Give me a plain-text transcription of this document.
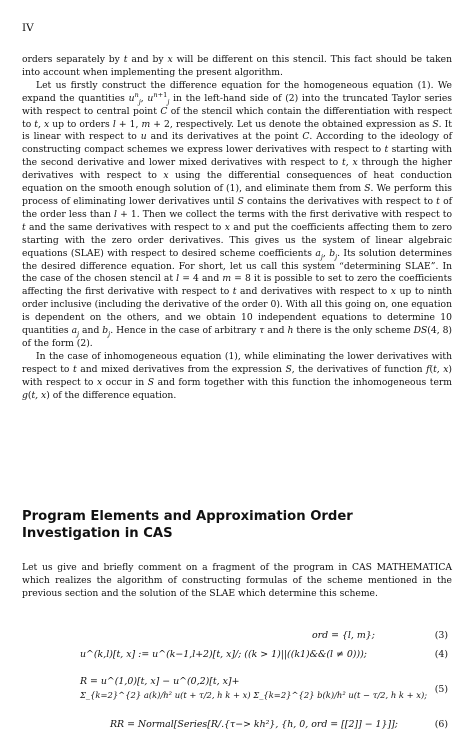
IV

orders separately by t and by x will be different on this stencil. This fact should be taken into account when implementing the present algorithm.

Let us firstly construct the difference equation for the homogeneous equation (1). We expand the quantities $u^n_j$, $u^{n+1}_j$ in the left-hand side of (2) into the truncated Taylor series with respect to central point C of the stencil which contain the differentiation with respect to t, x up to orders l + 1, m + 2, respectively. Let us denote the obtained expression as S. It is linear with respect to u and its derivatives at the point C. According to the ideology of constructing compact schemes we express lower derivatives with respect to t starting with the second derivative and lower mixed derivatives with respect to t, x through the higher derivatives with respect to x using the differential consequences of heat conduction equation on the smooth enough solution of (1), and eliminate them from S. We perform this process of eliminating lower derivatives until S contains the derivatives with respect to t of the order less than l + 1. Then we collect the terms with the first derivative with respect to t and the same derivatives with respect to x and put the coefficients affecting them to zero starting with the zero order derivatives. This gives us the system of linear algebraic equations (SLAE) with respect to desired scheme coefficients $a_j$, $b_j$. Its solution determines the desired difference equation. For short, let us call this system “determining SLAE”. In the case of the chosen stencil at l = 4 and m = 8 it is possible to set to zero the coefficients affecting the first derivative with respect to t and derivatives with respect to x up to ninth order inclusive (including the derivative of the order 0). With all this going on, one equation is dependent on the others, and we obtain 10 independent equations to determine 10 quantities $a_j$ and $b_j$. Hence in the case of arbitrary τ and h there is the only scheme DS(4, 8) of the form (2).

In the case of inhomogeneous equation (1), while eliminating the lower derivatives with respect to t and mixed derivatives from the expression S, the derivatives of function f(t, x) with respect to x occur in S and form together with this function the inhomogeneous term g(t, x) of the difference equation.

Program Elements and Approximation Order Investigation in CAS
Let us give and briefly comment on a fragment of the program in CAS MATHEMATICA which realizes the algorithm of constructing formulas of the scheme mentioned in the previous section and the solution of the SLAE which determine this scheme.
ord = {l, m};	(3)
u^(k,l)[t, x] := u^(k−1,l+2)[t, x]/; ((k > 1)||((k1)&&(l ≠ 0)));	(4)
R = u^(1,0)[t, x] − u^(0,2)[t, x]+
Σ_{k=2}^{2} a(k)/h² u(t + τ/2, h k + x) Σ_{k=2}^{2} b(k)/h² u(t − τ/2, h k + x); (5)
RR = Normal[Series[R/.{τ−> kh²}, {h, 0, ord = [[2]] − 1}]];	(6)
